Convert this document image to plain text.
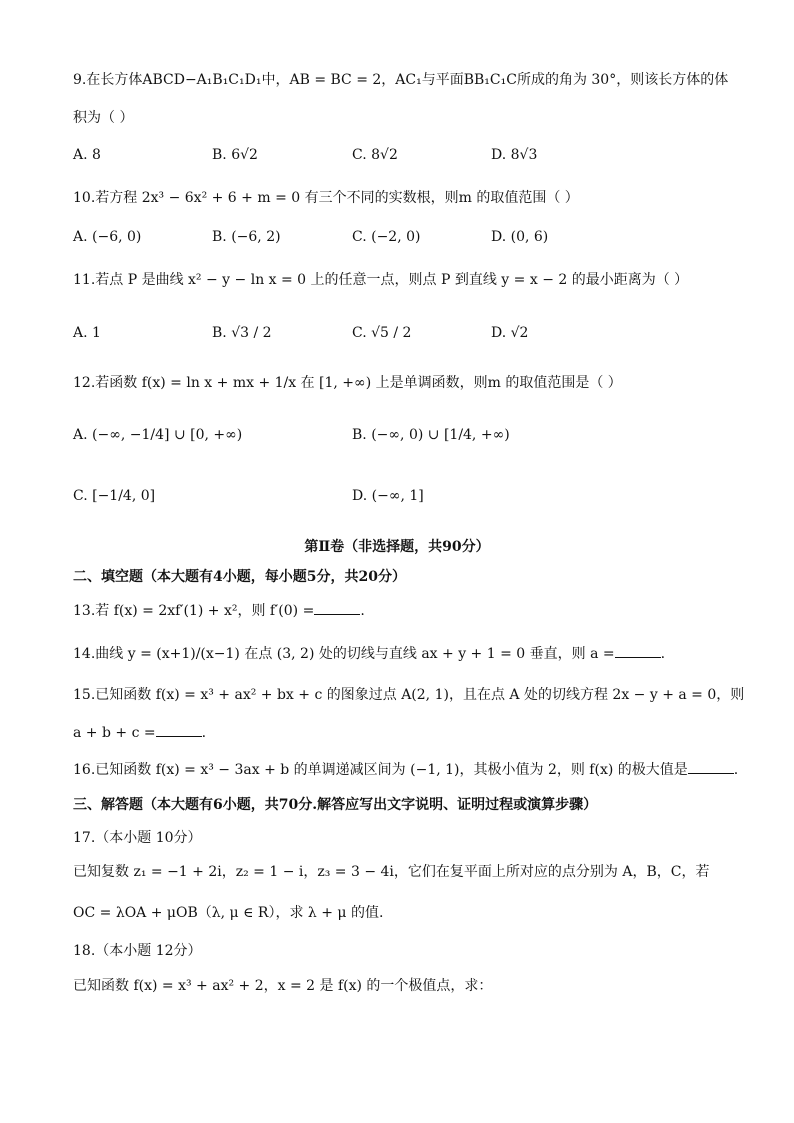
9.在长方体ABCD−A₁B₁C₁D₁中，AB = BC = 2，AC₁与平面BB₁C₁C所成的角为 30°，则该长方体的体
积为（ ）
A. 8	B. 6√2	C. 8√2	D. 8√3
10.若方程 2x³ − 6x² + 6 + m = 0 有三个不同的实数根，则m 的取值范围（ ）
A. (−6, 0)	B. (−6, 2)	C. (−2, 0)	D. (0, 6)
11.若点 P 是曲线 x² − y − ln x = 0 上的任意一点，则点 P 到直线 y = x − 2 的最小距离为（ ）
A. 1	B. √3 / 2	C. √5 / 2	D. √2
12.若函数 f(x) = ln x + mx + 1/x 在 [1, +∞) 上是单调函数，则m 的取值范围是（ ）
A. (−∞, −1/4] ∪ [0, +∞)	B. (−∞, 0) ∪ [1/4, +∞)
C. [−1/4, 0]	D. (−∞, 1]
第Ⅱ卷（非选择题，共90分）
二、填空题（本大题有4小题，每小题5分，共20分）
13.若 f(x) = 2xf′(1) + x²，则 f′(0) =	.
14.曲线 y = (x+1)/(x−1) 在点 (3, 2) 处的切线与直线 ax + y + 1 = 0 垂直，则 a =	.
15.已知函数 f(x) = x³ + ax² + bx + c 的图象过点 A(2, 1)，且在点 A 处的切线方程 2x − y + a = 0，则
a + b + c =	.
16.已知函数 f(x) = x³ − 3ax + b 的单调递减区间为 (−1, 1)，其极小值为 2，则 f(x) 的极大值是	.
三、解答题（本大题有6小题，共70分.解答应写出文字说明、证明过程或演算步骤）
17.（本小题 10分）
已知复数 z₁ = −1 + 2i，z₂ = 1 − i，z₃ = 3 − 4i，它们在复平面上所对应的点分别为 A，B，C，若
OC = λOA + μOB（λ, μ ∈ R），求 λ + μ 的值.
18.（本小题 12分）
已知函数 f(x) = x³ + ax² + 2，x = 2 是 f(x) 的一个极值点，求：
